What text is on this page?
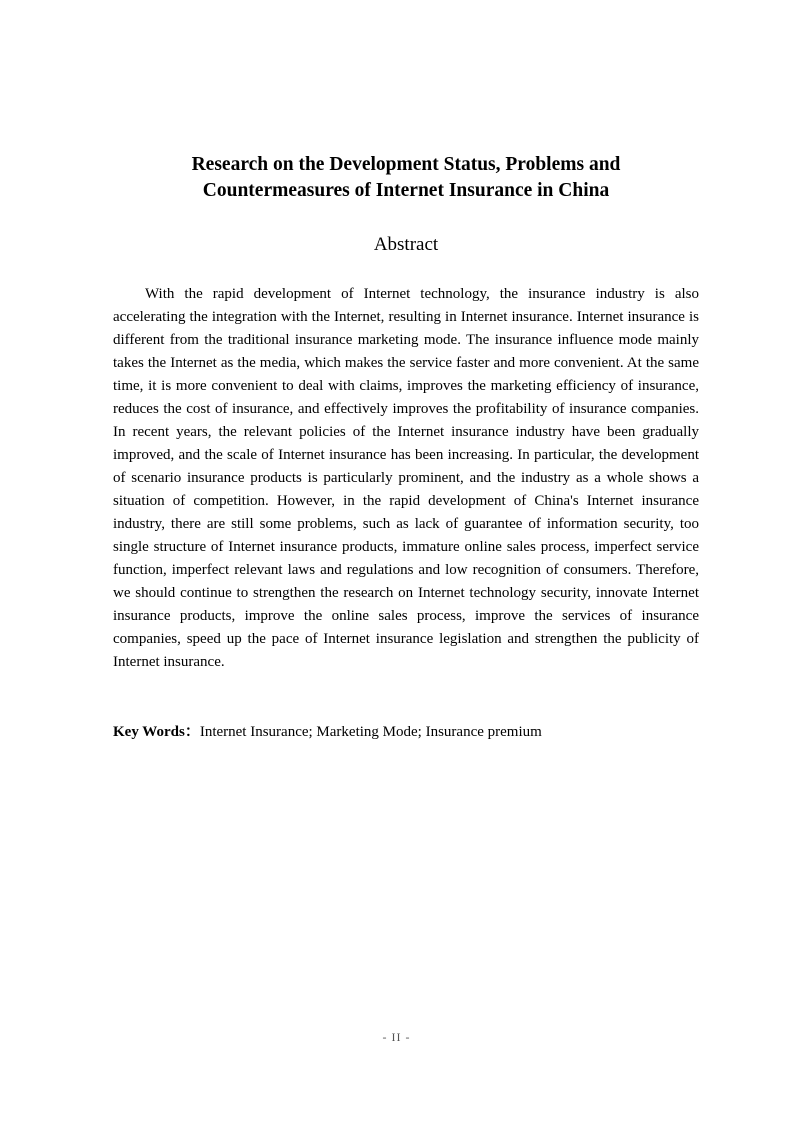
Research on the Development Status, Problems and
Countermeasures of Internet Insurance in China
Abstract

With the rapid development of Internet technology, the insurance industry is also accelerating the integration with the Internet, resulting in Internet insurance. Internet insurance is different from the traditional insurance marketing mode. The insurance influence mode mainly takes the Internet as the media, which makes the service faster and more convenient. At the same time, it is more convenient to deal with claims, improves the marketing efficiency of insurance, reduces the cost of insurance, and effectively improves the profitability of insurance companies. In recent years, the relevant policies of the Internet insurance industry have been gradually improved, and the scale of Internet insurance has been increasing. In particular, the development of scenario insurance products is particularly prominent, and the industry as a whole shows a situation of competition. However, in the rapid development of China's Internet insurance industry, there are still some problems, such as lack of guarantee of information security, too single structure of Internet insurance products, immature online sales process, imperfect service function, imperfect relevant laws and regulations and low recognition of consumers. Therefore, we should continue to strengthen the research on Internet technology security, innovate Internet insurance products, improve the online sales process, improve the services of insurance companies, speed up the pace of Internet insurance legislation and strengthen the publicity of Internet insurance.

Key Words：Internet Insurance; Marketing Mode; Insurance premium

- II -
